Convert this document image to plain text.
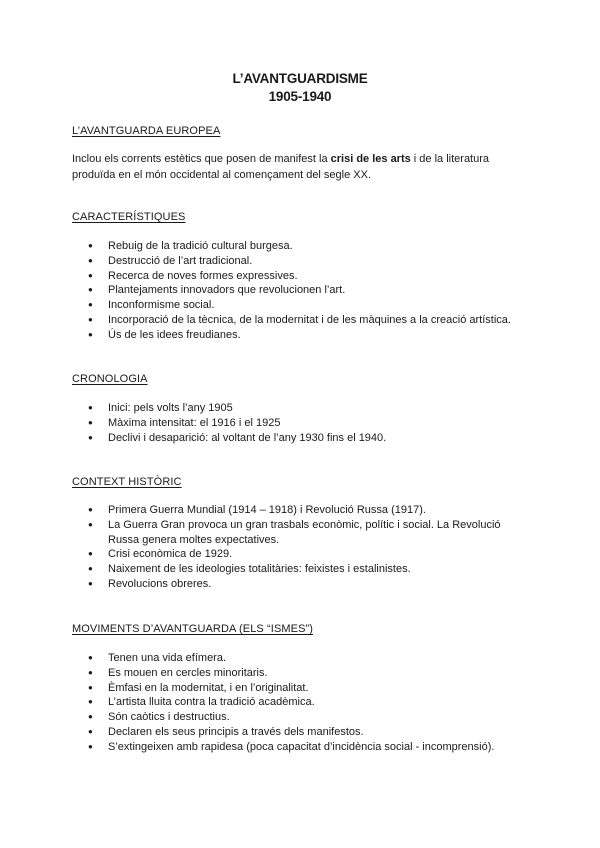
L’AVANTGUARDISME
1905-1940
L’AVANTGUARDA EUROPEA
Inclou els corrents estètics que posen de manifest la crisi de les arts i de la literatura produïda en el món occidental al començament del segle XX.
CARACTERÍSTIQUES
● Rebuig de la tradició cultural burgesa.
● Destrucció de l’art tradicional.
● Recerca de noves formes expressives.
● Plantejaments innovadors que revolucionen l’art.
● Inconformisme social.
● Incorporació de la tècnica, de la modernitat i de les màquines a la creació artística.
● Ús de les idees freudianes.
CRONOLOGIA
● Inici: pels volts l’any 1905
● Màxima intensitat: el 1916 i el 1925
● Declivi i desaparició: al voltant de l’any 1930 fins el 1940.
CONTEXT HISTÒRIC
● Primera Guerra Mundial (1914 – 1918) i Revolució Russa (1917).
● La Guerra Gran provoca un gran trasbals econòmic, polític i social. La Revolució Russa genera moltes expectatives.
● Crisi econòmica de 1929.
● Naixement de les ideologies totalitàries: feixistes i estalinistes.
● Revolucions obreres.
MOVIMENTS D’AVANTGUARDA (ELS “ISMES”)
● Tenen una vida efímera.
● Es mouen en cercles minoritaris.
● Èmfasi en la modernitat, i en l’originalitat.
● L’artista lluita contra la tradició acadèmica.
● Són caòtics i destructius.
● Declaren els seus principis a través dels manifestos.
● S’extingeixen amb rapidesa (poca capacitat d’incidència social - incomprensió).
